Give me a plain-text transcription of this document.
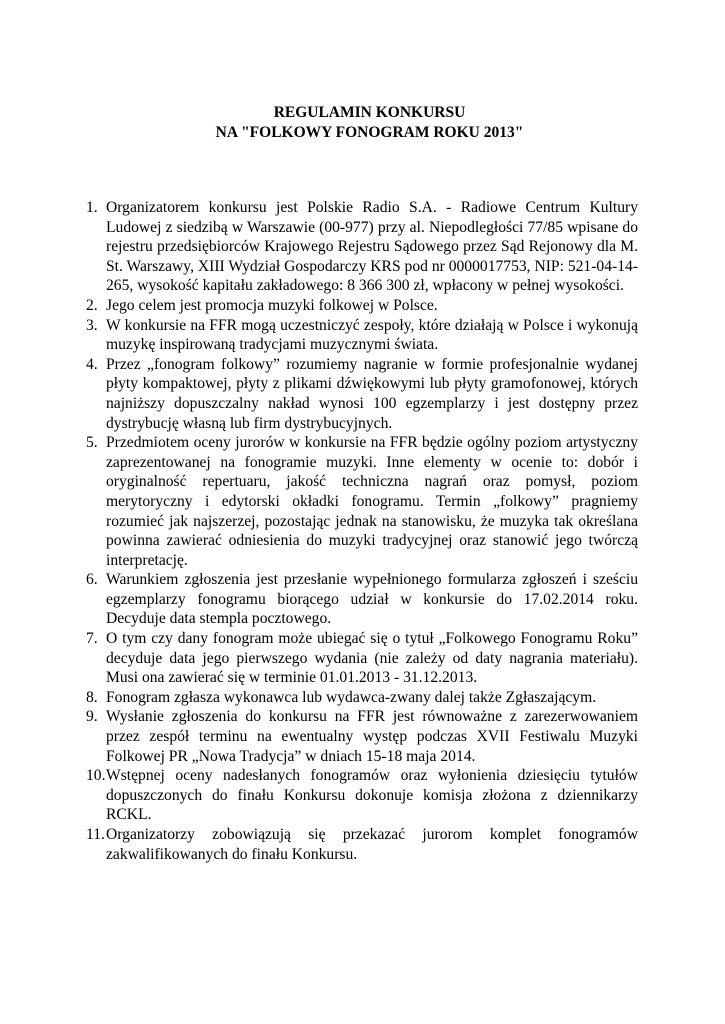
REGULAMIN KONKURSU
NA "FOLKOWY FONOGRAM ROKU 2013"
1. Organizatorem konkursu jest Polskie Radio S.A. - Radiowe Centrum Kultury Ludowej z siedzibą w Warszawie (00-977) przy al. Niepodległości 77/85 wpisane do rejestru przedsiębiorców Krajowego Rejestru Sądowego przez Sąd Rejonowy dla M. St. Warszawy, XIII Wydział Gospodarczy KRS pod nr 0000017753, NIP: 521-04-14-265, wysokość kapitału zakładowego: 8 366 300 zł, wpłacony w pełnej wysokości.
2. Jego celem jest promocja muzyki folkowej w Polsce.
3. W konkursie na FFR mogą uczestniczyć zespoły, które działają w Polsce i wykonują muzykę inspirowaną tradycjami muzycznymi świata.
4. Przez „fonogram folkowy” rozumiemy nagranie w formie profesjonalnie wydanej płyty kompaktowej, płyty z plikami dźwiękowymi lub płyty gramofonowej, których najniższy dopuszczalny nakład wynosi 100 egzemplarzy i jest dostępny przez dystrybucję własną lub firm dystrybucyjnych.
5. Przedmiotem oceny jurorów w konkursie na FFR będzie ogólny poziom artystyczny zaprezentowanej na fonogramie muzyki. Inne elementy w ocenie to: dobór i oryginalność repertuaru, jakość techniczna nagrań oraz pomysł, poziom merytoryczny i edytorski okładki fonogramu. Termin „folkowy” pragniemy rozumieć jak najszerzej, pozostając jednak na stanowisku, że muzyka tak określana powinna zawierać odniesienia do muzyki tradycyjnej oraz stanowić jego twórczą interpretację.
6. Warunkiem zgłoszenia jest przesłanie wypełnionego formularza zgłoszeń i sześciu egzemplarzy fonogramu biorącego udział w konkursie do 17.02.2014 roku. Decyduje data stempla pocztowego.
7. O tym czy dany fonogram może ubiegać się o tytuł „Folkowego Fonogramu Roku” decyduje data jego pierwszego wydania (nie zależy od daty nagrania materiału). Musi ona zawierać się w terminie 01.01.2013 - 31.12.2013.
8. Fonogram zgłasza wykonawca lub wydawca-zwany dalej także Zgłaszającym.
9. Wysłanie zgłoszenia do konkursu na FFR jest równoważne z zarezerwowaniem przez zespół terminu na ewentualny występ podczas XVII Festiwalu Muzyki Folkowej PR „Nowa Tradycja” w dniach 15-18 maja 2014.
10. Wstępnej oceny nadesłanych fonogramów oraz wyłonienia dziesięciu tytułów dopuszczonych do finału Konkursu dokonuje komisja złożona z dziennikarzy RCKL.
11. Organizatorzy zobowiązują się przekazać jurorom komplet fonogramów zakwalifikowanych do finału Konkursu.
